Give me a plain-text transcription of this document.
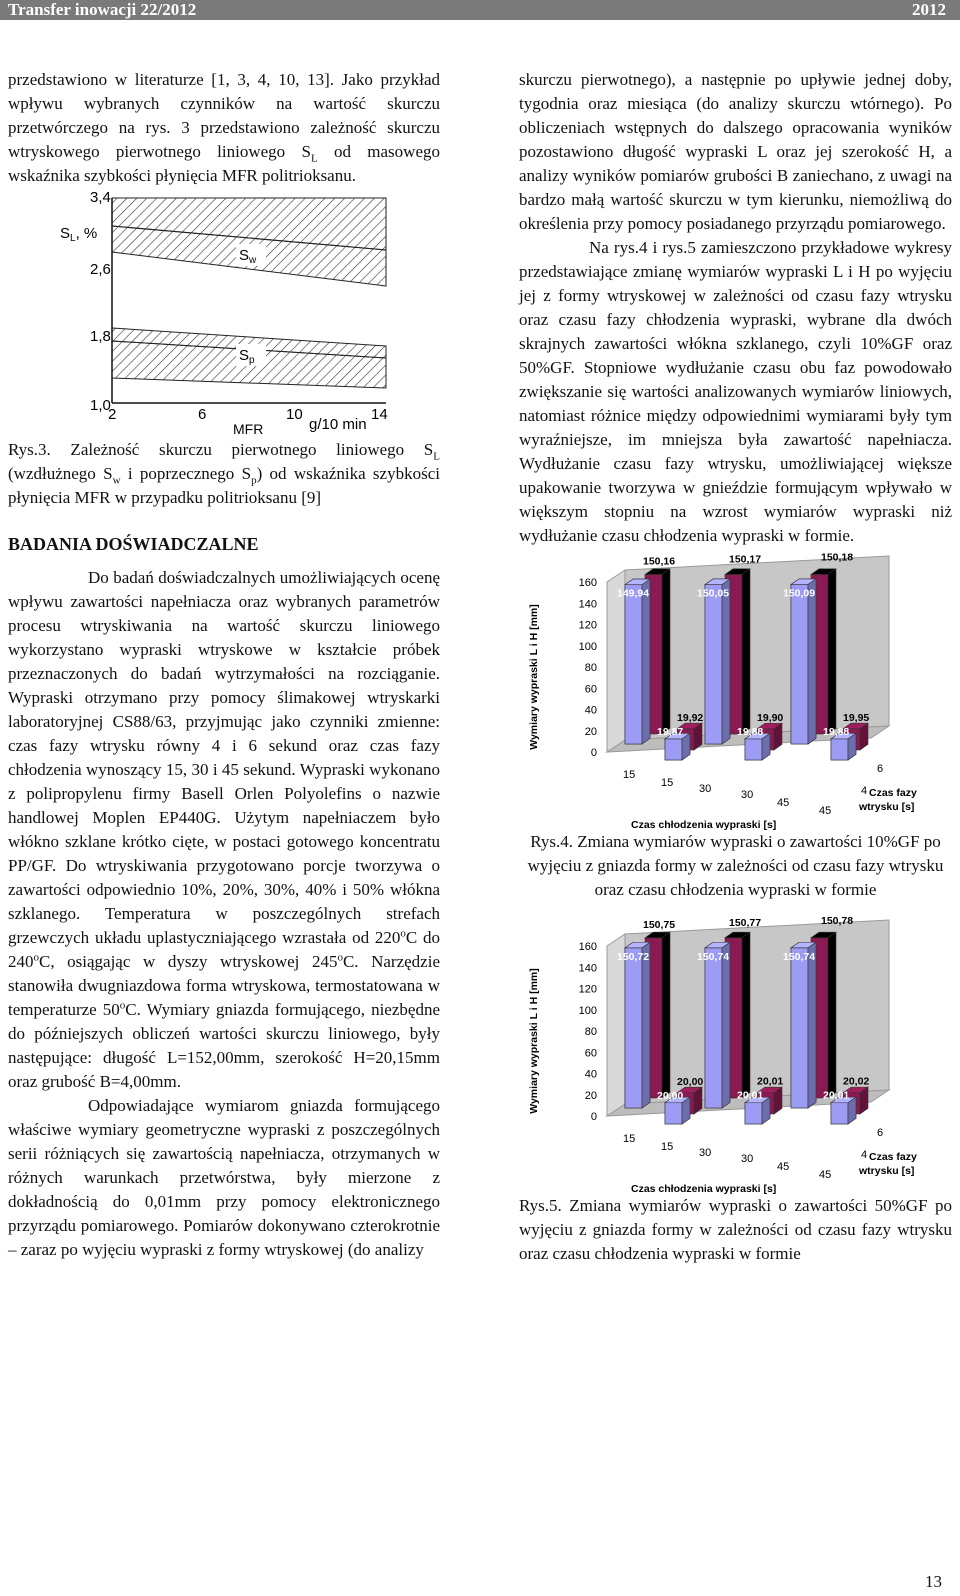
Transfer inowacji 22/2012	2012

przedstawiono w literaturze [1, 3, 4, 10, 13]. Jako przykład wpływu wybranych czynników na wartość skurczu przetwórczego na rys. 3 przedstawiono zależność skurczu wtryskowego pierwotnego liniowego $S_L$ od masowego wskaźnika szybkości płynięcia MFR politrioksanu.

$S_L$, %
3,4
2,6
1,8
1,0
$S_w$
$S_p$
2	6	10	14
MFR	g/10 min

Rys.3. Zależność skurczu pierwotnego liniowego $S_L$ (wzdłużnego $S_w$ i poprzecznego $S_p$) od wskaźnika szybkości płynięcia MFR w przypadku politrioksanu [9]

BADANIA DOŚWIADCZALNE

Do badań doświadczalnych umożliwiających ocenę wpływu zawartości napełniacza oraz wybranych parametrów procesu wtryskiwania na wartość skurczu liniowego wykorzystano wypraski wtryskowe w kształcie próbek przeznaczonych do badań wytrzymałości na rozciąganie. Wypraski otrzymano przy pomocy ślimakowej wtryskarki laboratoryjnej CS88/63, przyjmując jako czynniki zmienne: czas fazy wtrysku równy 4 i 6 sekund oraz czas fazy chłodzenia wynoszący 15, 30 i 45 sekund. Wypraski wykonano z polipropylenu firmy Basell Orlen Polyolefins o nazwie handlowej Moplen EP440G. Użytym napełniaczem było włókno szklane krótko cięte, w postaci gotowego koncentratu PP/GF. Do wtryskiwania przygotowano porcje tworzywa o zawartości odpowiednio 10%, 20%, 30%, 40% i 50% włókna szklanego. Temperatura w poszczególnych strefach grzewczych układu uplastyczniającego wzrastała od 220$^o$C do 240$^o$C, osiągając w dyszy wtryskowej 245$^o$C. Narzędzie stanowiła dwugniazdowa forma wtryskowa, termostatowana w temperaturze 50$^o$C. Wymiary gniazda formującego, niezbędne do późniejszych obliczeń wartości skurczu liniowego, były następujące: długość L=152,00mm, szerokość H=20,15mm oraz grubość B=4,00mm.

Odpowiadające wymiarom gniazda formującego właściwe wymiary geometryczne wypraski z poszczególnych serii różniących się zawartością napełniacza, otrzymanych w różnych warunkach przetwórstwa, były mierzone z dokładnością do 0,01mm przy pomocy elektronicznego przyrządu pomiarowego. Pomiarów dokonywano czterokrotnie – zaraz po wyjęciu wypraski z formy wtryskowej (do analizy

skurczu pierwotnego), a następnie po upływie jednej doby, tygodnia oraz miesiąca (do analizy skurczu wtórnego). Po obliczeniach wstępnych do dalszego opracowania wyników pozostawiono długość wypraski L oraz jej szerokość H, a analizy wyników pomiarów grubości B zaniechano, z uwagi na bardzo małą wartość skurczu w tym kierunku, niemożliwą do określenia przy pomocy posiadanego przyrządu pomiarowego.

Na rys.4 i rys.5 zamieszczono przykładowe wykresy przedstawiające zmianę wymiarów wypraski L i H po wyjęciu jej z formy wtryskowej w zależności od czasu fazy wtrysku oraz czasu fazy chłodzenia wypraski, wybrane dla dwóch skrajnych zawartości włókna szklanego, czyli 10%GF oraz 50%GF. Stopniowe wydłużanie czasu obu faz powodowało zwiększanie się wartości analizowanych wymiarów liniowych, natomiast różnice między odpowiednimi wymiarami były tym wyraźniejsze, im mniejsza była zawartość napełniacza. Wydłużanie czasu fazy wtrysku, umożliwiającej większe upakowanie tworzywa w gnieździe formującym wpływało w większym stopniu na wzrost wymiarów wypraski niż wydłużanie czasu chłodzenia wypraski w formie.

160
140
120
100
80
60
40
20
0
Wymiary wypraski L i H [mm]
150,16
149,94
19,92
19,87
150,17
150,05
19,90
19,88
150,18
150,09
19,95
19,88
15
15 30	30
45
45
6
4
Czas chłodzenia wypraski [s]
Czas fazy
wtrysku [s]

Rys.4. Zmiana wymiarów wypraski o zawartości 10%GF po wyjęciu z gniazda formy w zależności od czasu fazy wtrysku oraz czasu chłodzenia wypraski w formie

160
140
120
100
80
60
40
20
0
Wymiary wypraski L i H [mm]
150,75
150,72
20,00
20,00
150,77
150,74
20,01
20,01
150,78
150,74
20,02
20,01
15
15 30	30
45
45
6
4
Czas chłodzenia wypraski [s]
Czas fazy
wtrysku [s]

Rys.5. Zmiana wymiarów wypraski o zawartości 50%GF po wyjęciu z gniazda formy w zależności od czasu fazy wtrysku oraz czasu chłodzenia wypraski w formie

13
